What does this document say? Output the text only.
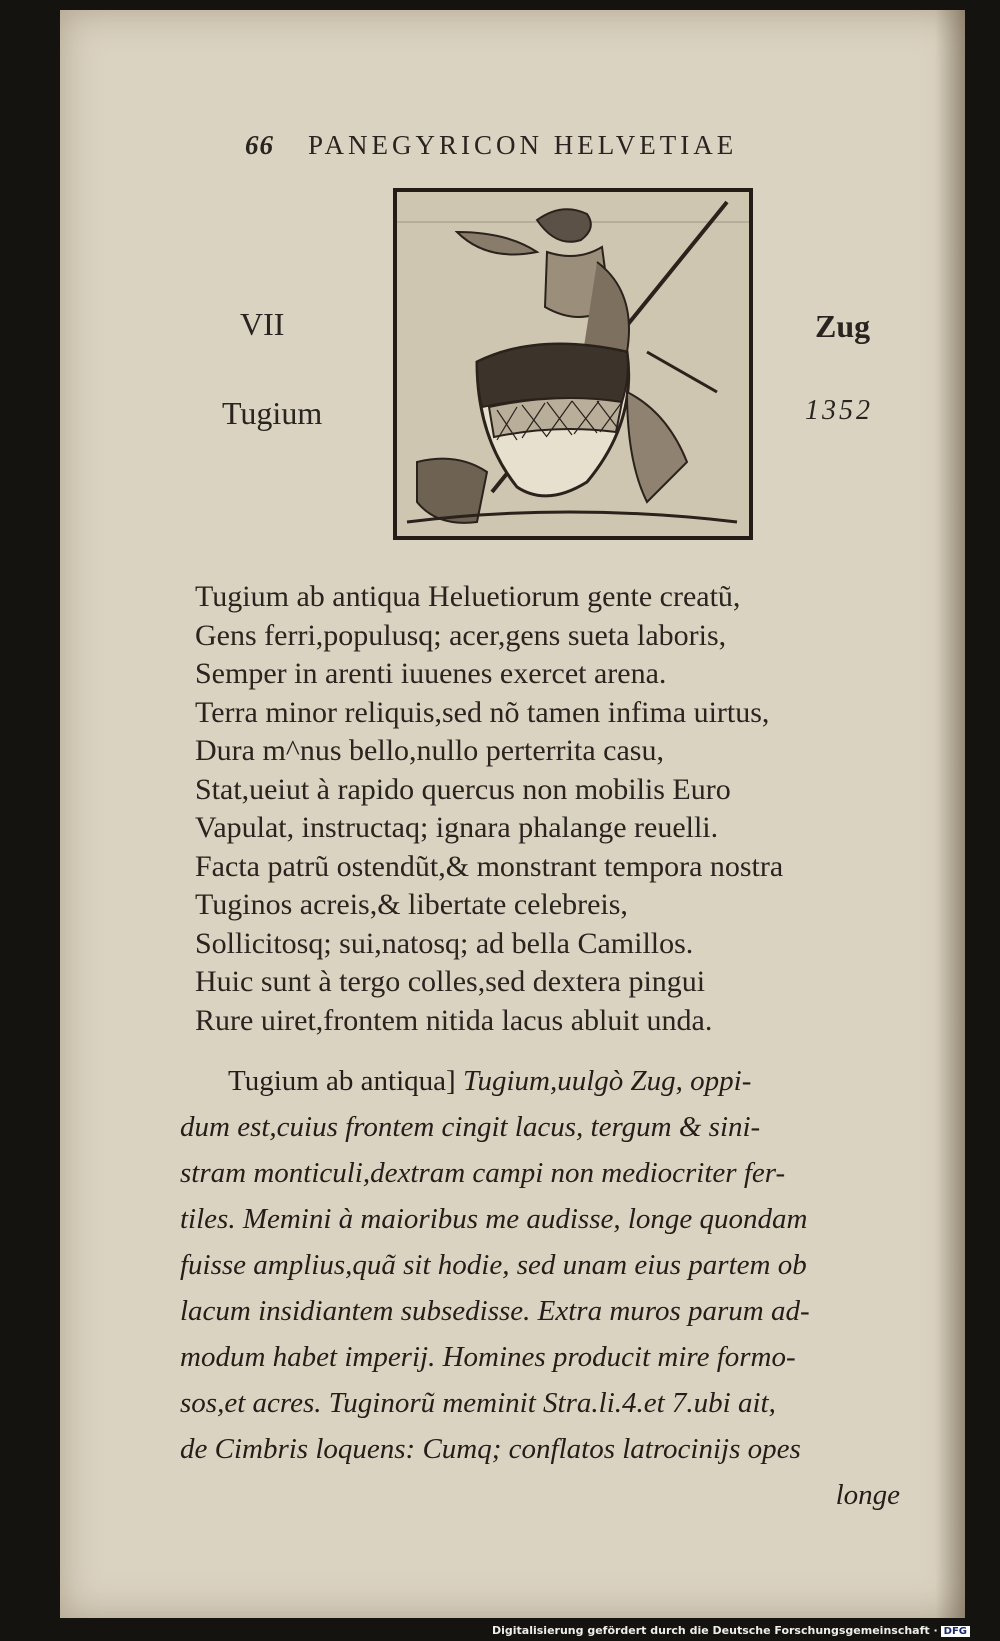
66 PANEGYRICON HELVETIAE
VII
Tugium
Zug
1352
Tugium ab antiqua Heluetiorum gente creatũ,
Gens ferri,populusq; acer,gens sueta laboris,
Semper in arenti iuuenes exercet arena.
Terra minor reliquis,sed nõ tamen infima uirtus,
Dura m^nus bello,nullo perterrita casu,
Stat,ueiut à rapido quercus non mobilis Euro
Vapulat, instructaq; ignara phalange reuelli.
Facta patrũ ostendũt,& monstrant tempora nostra
Tuginos acreis,& libertate celebreis,
Sollicitosq; sui,natosq; ad bella Camillos.
Huic sunt à tergo colles,sed dextera pingui
Rure uiret,frontem nitida lacus abluit unda.
Tugium ab antiqua] Tugium,uulgò Zug, oppi-
dum est,cuius frontem cingit lacus, tergum & sini-
stram monticuli,dextram campi non mediocriter fer-
tiles. Memini à maioribus me audisse, longe quondam
fuisse amplius,quã sit hodie, sed unam eius partem ob
lacum insidiantem subsedisse. Extra muros parum ad-
modum habet imperij. Homines producit mire formo-
sos,et acres. Tuginorũ meminit Stra.li.4.et 7.ubi ait,
de Cimbris loquens: Cumq; conflatos latrocinijs opes
longe
Digitalisierung gefördert durch die Deutsche Forschungsgemeinschaft · DFG
